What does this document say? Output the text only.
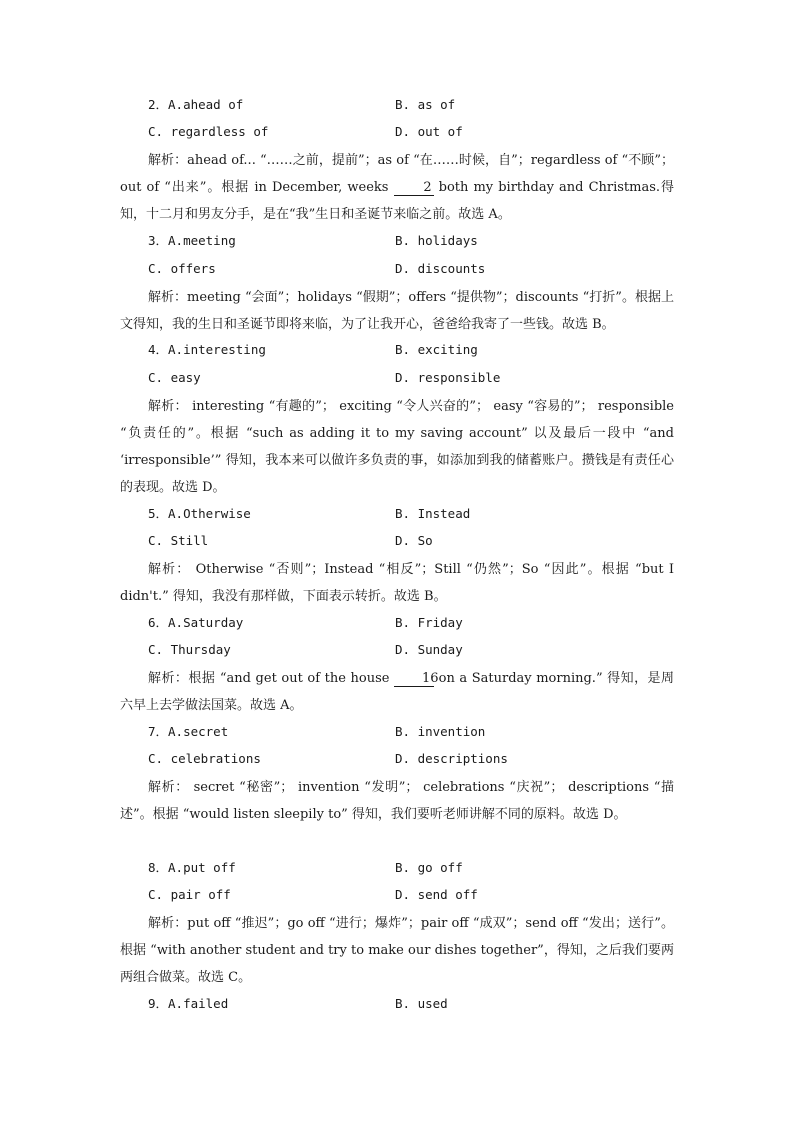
2．A.ahead of	B. as of
C. regardless of	D. out of

解析：ahead of... “……之前，提前”；as of “在……时候，自”；regardless of “不顾”；out of “出来”。根据 in December, weeks 2 both my birthday and Christmas.得知，十二月和男友分手，是在“我”生日和圣诞节来临之前。故选 A。

3．A.meeting	B. holidays
C. offers	D. discounts

解析：meeting “会面”；holidays “假期”；offers “提供物”；discounts “打折”。根据上文得知，我的生日和圣诞节即将来临，为了让我开心，爸爸给我寄了一些钱。故选 B。

4．A.interesting	B. exciting
C. easy	D. responsible

解析： interesting “有趣的”； exciting “令人兴奋的”； easy “容易的”； responsible “负责任的”。根据 “such as adding it to my saving account” 以及最后一段中 “and ‘irresponsible’” 得知，我本来可以做许多负责的事，如添加到我的储蓄账户。攒钱是有责任心的表现。故选 D。

5．A.Otherwise	B. Instead
C. Still	D. So

解析： Otherwise “否则”；Instead “相反”；Still “仍然”；So “因此”。根据 “but I didn't.” 得知，我没有那样做，下面表示转折。故选 B。

6．A.Saturday	B. Friday
C. Thursday	D. Sunday

解析：根据 “and get out of the house 16 on a Saturday morning.” 得知，是周六早上去学做法国菜。故选 A。

7．A.secret	B. invention
C. celebrations	D. descriptions

解析： secret “秘密”； invention “发明”； celebrations “庆祝”； descriptions “描述”。根据 “would listen sleepily to” 得知，我们要听老师讲解不同的原料。故选 D。

8．A.put off	B. go off
C. pair off	D. send off

解析：put off “推迟”；go off “进行；爆炸”；pair off “成双”；send off “发出；送行”。根据 “with another student and try to make our dishes together”，得知，之后我们要两两组合做菜。故选 C。

9．A.failed	B. used
